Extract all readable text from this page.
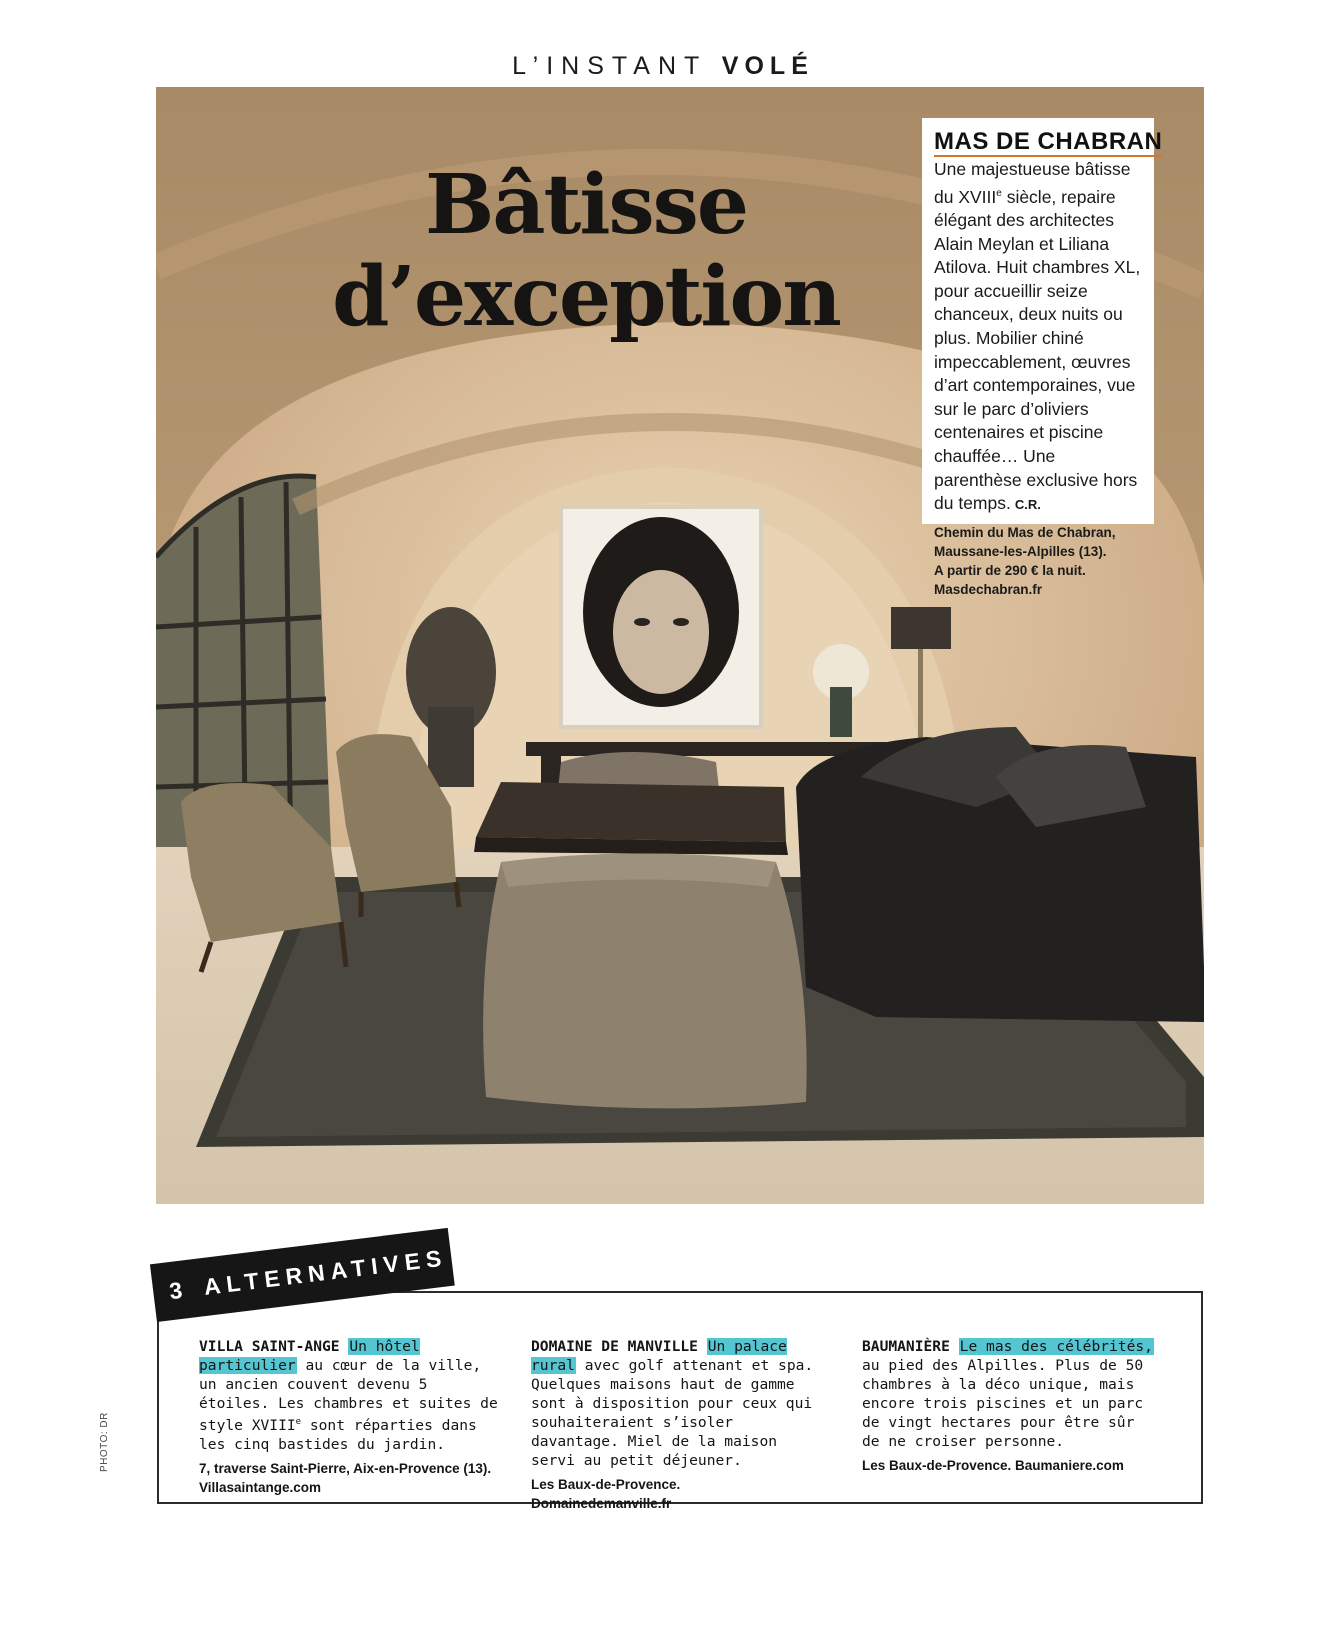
L’INSTANT VOLÉ
Bâtisse
d’exception
MAS DE CHABRAN
Une majestueuse bâtisse du XVIIIe siècle, repaire élégant des architectes Alain Meylan et Liliana Atilova. Huit chambres XL, pour accueillir seize chanceux, deux nuits ou plus. Mobilier chiné impeccablement, œuvres d’art contemporaines, vue sur le parc d’oliviers centenaires et piscine chauffée… Une parenthèse exclusive hors du temps. C.R.
Chemin du Mas de Chabran,
Maussane-les-Alpilles (13).
A partir de 290 € la nuit.
Masdechabran.fr
3 ALTERNATIVES
VILLA SAINT-ANGE Un hôtel particulier au cœur de la ville, un ancien couvent devenu 5 étoiles. Les chambres et suites de style XVIIIe sont réparties dans les cinq bastides du jardin.
7, traverse Saint-Pierre, Aix-en-Provence (13). Villasaintange.com
DOMAINE DE MANVILLE Un palace rural avec golf attenant et spa. Quelques maisons haut de gamme sont à disposition pour ceux qui souhaiteraient s’isoler davantage. Miel de la maison servi au petit déjeuner.
Les Baux-de-Provence. Domainedemanville.fr
BAUMANIÈRE Le mas des célébrités, au pied des Alpilles. Plus de 50 chambres à la déco unique, mais encore trois piscines et un parc de vingt hectares pour être sûr de ne croiser personne.
Les Baux-de-Provence. Baumaniere.com
PHOTO: DR
